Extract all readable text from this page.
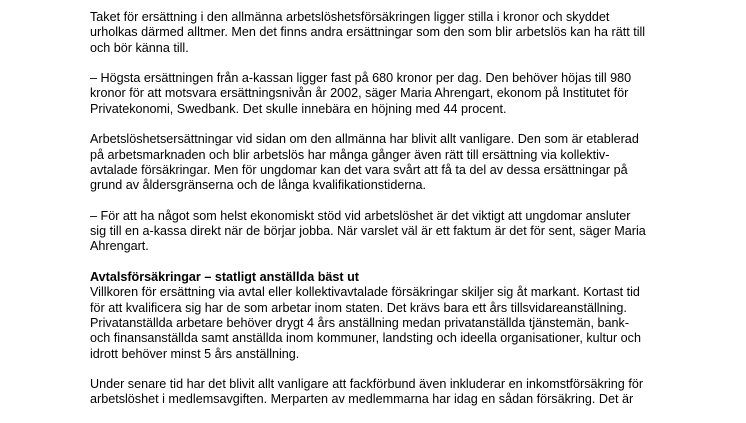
Taket för ersättning i den allmänna arbetslöshetsförsäkringen ligger stilla i kronor och skyddet
urholkas därmed alltmer. Men det finns andra ersättningar som den som blir arbetslös kan ha rätt till
och bör känna till.

– Högsta ersättningen från a-kassan ligger fast på 680 kronor per dag. Den behöver höjas till 980
kronor för att motsvara ersättningsnivån år 2002, säger Maria Ahrengart, ekonom på Institutet för
Privatekonomi, Swedbank. Det skulle innebära en höjning med 44 procent.

Arbetslöshetsersättningar vid sidan om den allmänna har blivit allt vanligare. Den som är etablerad
på arbetsmarknaden och blir arbetslös har många gånger även rätt till ersättning via kollektiv-
avtalade försäkringar. Men för ungdomar kan det vara svårt att få ta del av dessa ersättningar på
grund av åldersgränserna och de långa kvalifikationstiderna.

– För att ha något som helst ekonomiskt stöd vid arbetslöshet är det viktigt att ungdomar ansluter
sig till en a-kassa direkt när de börjar jobba. När varslet väl är ett faktum är det för sent, säger Maria
Ahrengart.

Avtalsförsäkringar – statligt anställda bäst ut

Villkoren för ersättning via avtal eller kollektivavtalade försäkringar skiljer sig åt markant. Kortast tid
för att kvalificera sig har de som arbetar inom staten. Det krävs bara ett års tillsvidareanställning.
Privatanställda arbetare behöver drygt 4 års anställning medan privatanställda tjänstemän, bank-
och finansanställda samt anställda inom kommuner, landsting och ideella organisationer, kultur och
idrott behöver minst 5 års anställning.

Under senare tid har det blivit allt vanligare att fackförbund även inkluderar en inkomstförsäkring för
arbetslöshet i medlemsavgiften. Merparten av medlemmarna har idag en sådan försäkring. Det är
